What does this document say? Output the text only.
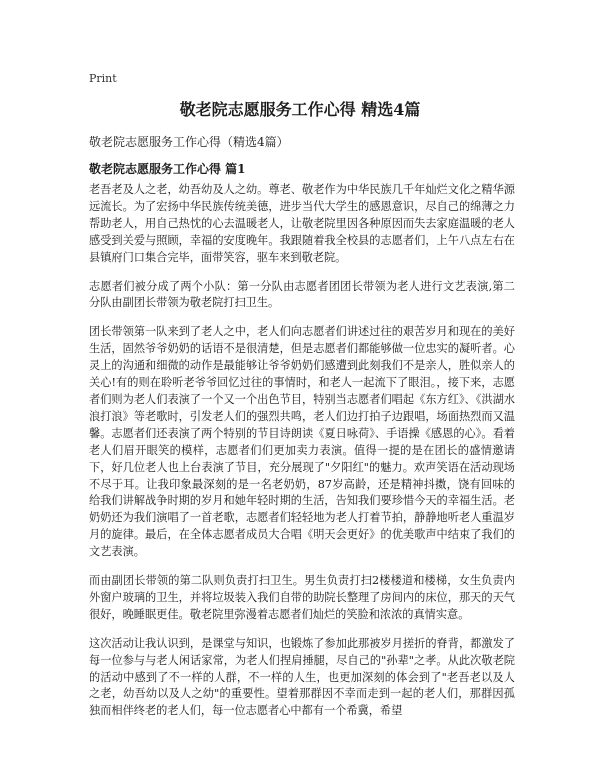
Print
敬老院志愿服务工作心得 精选4篇

敬老院志愿服务工作心得（精选4篇）

敬老院志愿服务工作心得 篇1

老吾老及人之老，幼吾幼及人之幼。尊老、敬老作为中华民族几千年灿烂文化之精华源远流长。为了宏扬中华民族传统美德，进步当代大学生的感恩意识，尽自己的绵薄之力帮助老人，用自己热忱的心去温暖老人，让敬老院里因各种原因而失去家庭温暖的老人感受到关爱与照顾，幸福的安度晚年。我跟随着我全校县的志愿者们，上午八点左右在县镇府门口集合完毕，面带笑容，驱车来到敬老院。

志愿者们被分成了两个小队：第一分队由志愿者团团长带领为老人进行文艺表演,第二分队由副团长带领为敬老院打扫卫生。

团长带领第一队来到了老人之中，老人们向志愿者们讲述过往的艰苦岁月和现在的美好生活，固然爷爷奶奶的话语不是很清楚，但是志愿者们都能够做一位忠实的凝听者。心灵上的沟通和细微的动作是最能够让爷爷奶奶们感遭到此刻我们不是亲人，胜似亲人的关心!有的则在聆听老爷爷回忆过往的事情时，和老人一起流下了眼泪。，接下来，志愿者们则为老人们表演了一个又一个出色节目，特别当志愿者们唱起《东方红》、《洪湖水浪打浪》等老歌时，引发老人们的强烈共鸣，老人们边打拍子边跟唱，场面热烈而又温馨。志愿者们还表演了两个特别的节目诗朗读《夏日咏荷》、手语操《感恩的心》。看着老人们眉开眼笑的模样，志愿者们们更加卖力表演。值得一提的是在团长的盛情邀请下，好几位老人也上台表演了节目，充分展现了"夕阳红"的魅力。欢声笑语在活动现场不尽于耳。让我印象最深刻的是一名老奶奶，87岁高龄，还是精神抖擞，饶有回味的给我们讲解战争时期的岁月和她年轻时期的生活，告知我们要珍惜今天的幸福生活。老奶奶还为我们演唱了一首老歌，志愿者们轻轻地为老人打着节拍，静静地听老人重温岁月的旋律。最后，在全体志愿者成员大合唱《明天会更好》的优美歌声中结束了我们的文艺表演。

而由副团长带领的第二队则负责打扫卫生。男生负责打扫2楼楼道和楼梯，女生负责内外窗户玻璃的卫生，并将垃圾装入我们自带的助院长整理了房间内的床位，那天的天气很好，晚睡眠更佳。敬老院里弥漫着志愿者们灿烂的笑脸和浓浓的真情实意。

这次活动让我认识到，是课堂与知识，也锻炼了参加此那被岁月搓折的脊背，都激发了每一位参与与老人闲话家常，为老人们捏肩捶腿，尽自己的"孙辈"之孝。从此次敬老院的活动中感到了不一样的人群，不一样的人生，也更加深刻的体会到了"老吾老以及人之老，幼吾幼以及人之幼"的重要性。望着那群因不幸而走到一起的老人们，那群因孤独而相伴终老的老人们，每一位志愿者心中都有一个希冀，希望
